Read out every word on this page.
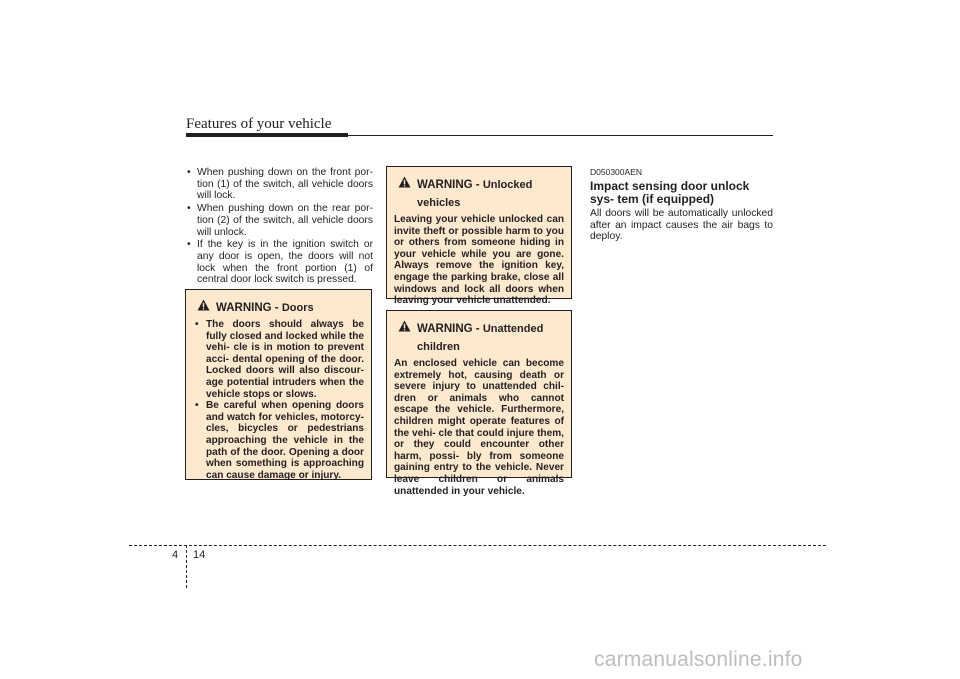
Features of your vehicle
• When pushing down on the front por- tion (1) of the switch, all vehicle doors will lock.
• When pushing down on the rear por- tion (2) of the switch, all vehicle doors will unlock.
• If the key is in the ignition switch or any door is open, the doors will not lock when the front portion (1) of central door lock switch is pressed.
WARNING - Doors
• The doors should always be fully closed and locked while the vehi- cle is in motion to prevent acci- dental opening of the door. Locked doors will also discour- age potential intruders when the vehicle stops or slows.
• Be careful when opening doors and watch for vehicles, motorcy- cles, bicycles or pedestrians approaching the vehicle in the path of the door. Opening a door when something is approaching can cause damage or injury.
WARNING - Unlocked vehicles

Leaving your vehicle unlocked can invite theft or possible harm to you or others from someone hiding in your vehicle while you are gone. Always remove the ignition key, engage the parking brake, close all windows and lock all doors when leaving your vehicle unattended.

WARNING - Unattended children

An enclosed vehicle can become extremely hot, causing death or severe injury to unattended chil- dren or animals who cannot escape the vehicle. Furthermore, children might operate features of the vehi- cle that could injure them, or they could encounter other harm, possi- bly from someone gaining entry to the vehicle. Never leave children or animals unattended in your vehicle.

D050300AEN
Impact sensing door unlock sys- tem (if equipped)
All doors will be automatically unlocked after an impact causes the air bags to deploy.
4 14
carmanualsonline.info
